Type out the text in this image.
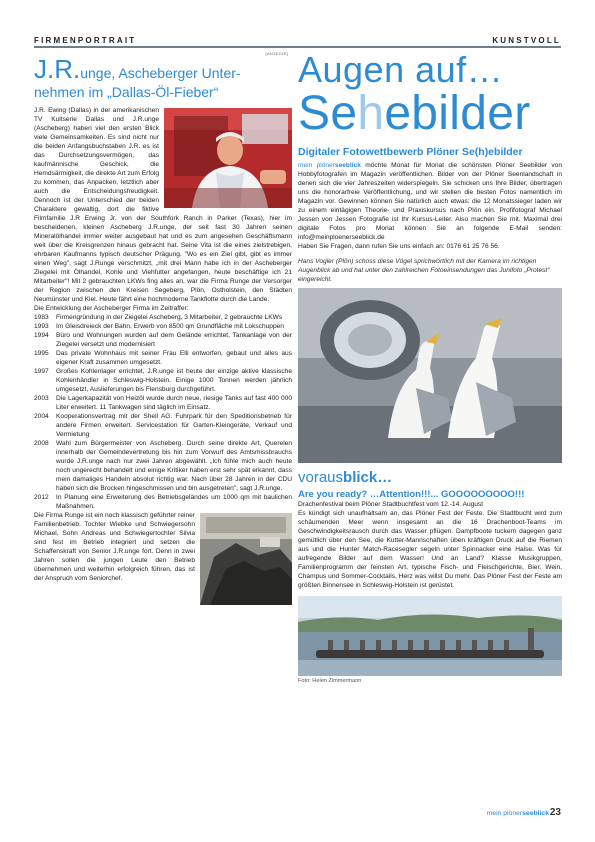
FIRMENPORTRAIT	KUNSTVOLL
[ANZEIGE]
J.R.unge, Ascheberger Unter-
nehmen im „Dallas-Öl-Fieber“

J.R. Ewing (Dallas) in der amerikanischen TV Kultserie Dallas und J.R.unge (Ascheberg) haben viel den ersten Blick viele Gemeinsamkeiten. Es sind nicht nur die beiden Anfangsbuchstaben J.R. es ist das Durchsetzungsvermögen, das kaufmännische Geschick, die Hemdsärmigkeit, die direkte Art zum Erfolg zu kommen, das Anpacken, letztlich aber auch die Entscheidungsfreudigkeit. Dennoch ist der Unterschied der beiden Charaktere gewaltig, dort die fiktive Filmfamilie J.R Erwing Jr. von der Southfork Ranch in Parker (Texas), hier im bescheidenen, kleinen Ascheberg J.R.unge, der seit fast 30 Jahren seinen Mineralölhandel immer weiter ausgebaut hat und es zum angesehen Geschäftsmann weit über die Kreisgrenzen hinaus gebracht hat. Seine Vita ist die eines zielstrebigen, ehrbaren Kaufmanns typisch deutscher Prägung. "Wo es ein Ziel gibt, gibt es immer einen Weg", sagt J.Runge verschmitzt, „mit drei Mann habe ich in der Ascheberger Ziegelei mit Ölhandel, Kohle und Viehfutter angefangen, heute beschäftige ich 21 Mitarbeiter"! Mit 2 gebrauchten LKWs fing alles an, war die Firma Runge der Versorger der Region zwischen den Kreisen Segeberg, Plön, Ostholstein, den Städten Neumünster und Kiel. Heute fährt eine hochmoderne Tankflotte durch die Lande.

Die Entwicklung der Ascheberger Firma im Zeitraffer:

1983	Firmengründung in der Ziegelei Ascheberg, 3 Mitarbeiter, 2 gebrauchte LKWs
1993	Im Gleisdreieck der Bahn, Erwerb von 8500 qm Grundfläche mit Lokschuppen
1994	Büro und Wohnungen wurden auf dem Gelände errichtet, Tankanlage von der Ziegelei versetzt und modernisiert
1995	Das private Wohnhaus mit seiner Frau Elli entworfen, gebaut und alles aus eigener Kraft zusammen umgesetzt.
1997	Großes Kohlenlager errichtet, J.R.unge ist heute der einzige aktive klassische Kohlenhändler in Schleswig-Holstein. Einige 1000 Tonnen werden jährlich umgesetzt, Auslieferungen bis Flensburg durchgeführt.
2003	Die Lagerkapazität von Heizöl wurde durch neue, riesige Tanks auf fast 400 000 Liter erweitert. 11 Tankwagen sind täglich im Einsatz.
2004	Kooperationsvertrag mit der Shell AG. Fuhrpark für den Speditionsbetrieb für andere Firmen erweitert. Servicestation für Garten-Kleingeräte, Verkauf und Vermietung
2008	Wahl zum Bürgermeister von Ascheberg. Durch seine direkte Art, Querelen innerhalb der Gemeindevertretung bis hin zum Vorwurf des Amtsmissbrauchs wurde J.R.unge nach nur zwei Jahren abgewählt. „Ich fühle mich auch heute noch ungerecht behandelt und einige Kritiker haben erst sehr spät erkannt, dass mein damaliges Handeln absolut richtig war. Nach über 28 Jahren in der CDU haben sich die Brocken hingeschmissen und bin ausgetreten", sagt J.R.unge.
2012	In Planung eine Erweiterung des Betriebsgeländes um 1000 qm mit baulichen Maßnahmen.

Die Firma Runge ist ein noch klassisch geführter reiner Familienbetrieb. Tochter Wiebke und Schwiegersohn Michael, Sohn Andreas und Schwiegertochter Silvia sind fest im Betrieb integriert und setzen die Schaffenskraft von Senior J.R.unge fort. Denn in zwei Jahren sollen die jungen Leute den Betrieb übernehmen und weiterhin erfolgreich führen, das ist der Anspruch vom Seniorchef.

Augen auf…
Sehebilder
Digitaler Fotowettbewerb Plöner Se(h)ebilder

mein plönerseeblick möchte Monat für Monat die schönsten Plöner Seebilder von Hobbyfotografen im Magazin veröffentlichen. Bilder von der Plöner Seenlandschaft in denen sich die vier Jahreszeiten widerspiegeln. Sie schicken uns Ihre Bilder, übertragen uns die honorarfreie Veröffentlichung, und wir stellen die besten Fotos namentlich im Magazin vor. Gewinnen können Sie natürlich auch etwas: die 12 Monatssieger laden wir zu einem eintägigen Theorie- und Praxiskursus nach Plön ein. Profifotograf Michael Jessen von Jessen Fotografie ist Ihr Kursus-Leiter. Also machen Sie mit. Maximal drei digitale Fotos pro Monat können Sie an folgende E-Mail senden: info@meinploenerseeblick.de

Haben Sie Fragen, dann rufen Sie uns einfach an: 0176 61 25 76 56.

Hans Vogler (Plön) schoss diese Vögel sprichwörtlich mit der Kamera im richtigen Augenblick ab und hat unter den zahlreichen Fotoeinsendungen das Junifoto „Protest“ eingereicht.

vorausblick…
Are you ready? …Attention!!!... GOOOOOOOOO!!!

Drachenfestival beim Plöner Stadtbuchtfest vom 12.-14. August

Es kündigt sich unaufhaltsam an, das Plöner Fest der Feste. Die Stadtbucht wird zum schäumenden Meer wenn insgesamt an die 16 Drachenboot-Teams im Geschwindigkeitsrausch durch das Wasser pflügen. Dampfboote tuckern dagegen ganz gemütlich über den See, die Kutter-Mannschaften üben kräftigen Druck auf die Riemen aus und die Hunter Match-Racesegler segeln unter Spinnacker eine Halse. Was für aufregende Bilder auf dem Wasser! Und an Land? Klasse Musikgruppen, Familienprogramm der feinsten Art, typische Fisch- und Fleischgerichte, Bier, Wein, Champus und Sommer-Cocktails, Herz was willst Du mehr. Das Plöner Fest der Feste am größten Binnensee in Schleswig-Holstein ist gerüstet.

Foto: Helen Zimmermann
mein plönerseeblick 23
